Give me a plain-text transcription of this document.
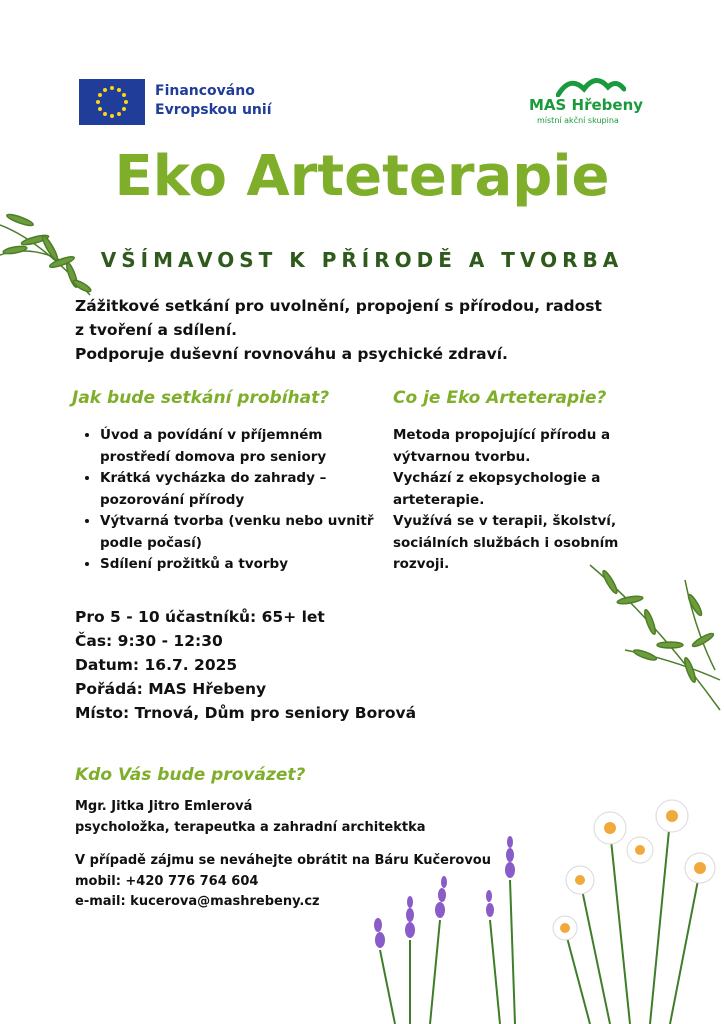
Financováno
Evropskou unií	MAS Hřebeny
místní akční skupina
Eko Arteterapie
VŠÍMAVOST K PŘÍRODĚ A TVORBA
Zážitkové setkání pro uvolnění, propojení s přírodou, radost
z tvoření a sdílení.
Podporuje duševní rovnováhu a psychické zdraví.
Jak bude setkání probíhat?
• Úvod a povídání v příjemném prostředí domova pro seniory
• Krátká vycházka do zahrady – pozorování přírody
• Výtvarná tvorba (venku nebo uvnitř podle počasí)
• Sdílení prožitků a tvorby
Co je Eko Arteterapie?
Metoda propojující přírodu a
výtvarnou tvorbu.
Vychází z ekopsychologie a
arteterapie.
Využívá se v terapii, školství,
sociálních službách i osobním
rozvoji.
Pro 5 - 10 účastníků: 65+ let
Čas: 9:30 - 12:30
Datum: 16.7. 2025
Pořádá: MAS Hřebeny
Místo: Trnová, Dům pro seniory Borová
Kdo Vás bude provázet?
Mgr. Jitka Jitro Emlerová
psycholožka, terapeutka a zahradní architektka
V případě zájmu se neváhejte obrátit na Báru Kučerovou
mobil: +420 776 764 604
e-mail: kucerova@mashrebeny.cz
